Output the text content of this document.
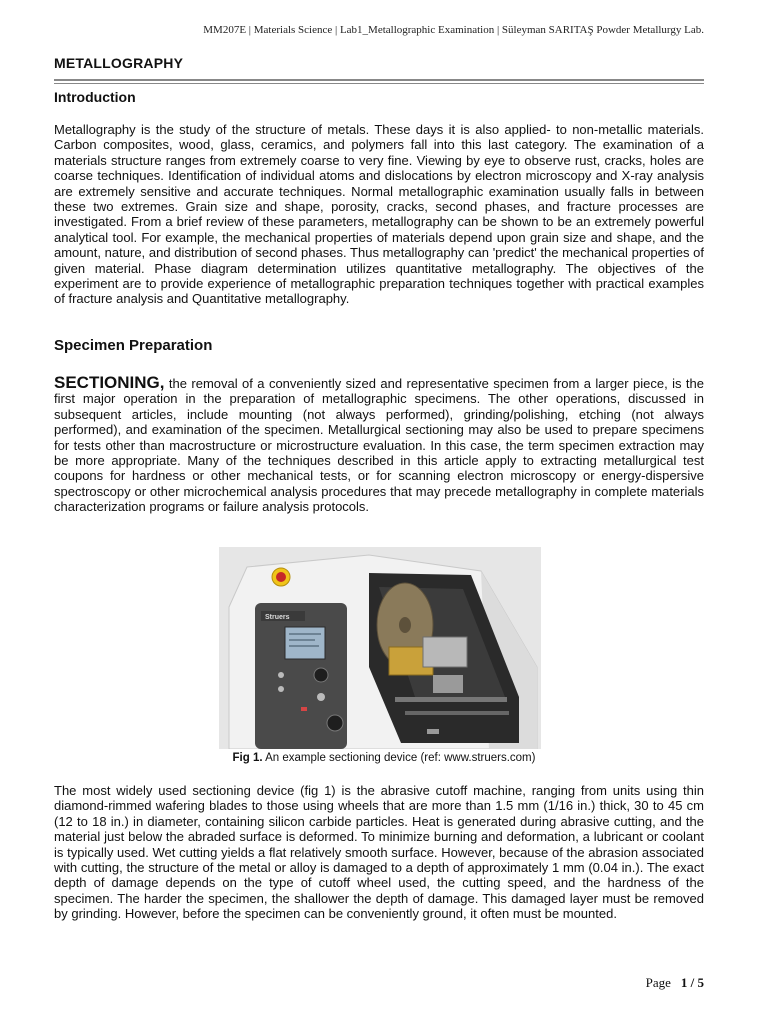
MM207E | Materials Science | Lab1_Metallographic Examination | Süleyman SARITAŞ Powder Metallurgy Lab.
METALLOGRAPHY
Introduction

Metallography is the study of the structure of metals. These days it is also applied- to non-metallic materials. Carbon composites, wood, glass, ceramics, and polymers fall into this last category. The examination of a materials structure ranges from extremely coarse to very fine. Viewing by eye to observe rust, cracks, holes are coarse techniques. Identification of individual atoms and dislocations by electron microscopy and X-ray analysis are extremely sensitive and accurate techniques. Normal metallographic examination usually falls in between these two extremes. Grain size and shape, porosity, cracks, second phases, and fracture processes are investigated. From a brief review of these parameters, metallography can be shown to be an extremely powerful analytical tool. For example, the mechanical properties of materials depend upon grain size and shape, and the amount, nature, and distribution of second phases. Thus metallography can 'predict' the mechanical properties of given material. Phase diagram determination utilizes quantitative metallography. The objectives of the experiment are to provide experience of metallographic preparation techniques together with practical examples of fracture analysis and Quantitative metallography.

Specimen Preparation

SECTIONING, the removal of a conveniently sized and representative specimen from a larger piece, is the first major operation in the preparation of metallographic specimens. The other operations, discussed in subsequent articles, include mounting (not always performed), grinding/polishing, etching (not always performed), and examination of the specimen. Metallurgical sectioning may also be used to prepare specimens for tests other than macrostructure or microstructure evaluation. In this case, the term specimen extraction may be more appropriate. Many of the techniques described in this article apply to extracting metallurgical test coupons for hardness or other mechanical tests, or for scanning electron microscopy or energy-dispersive spectroscopy or other microchemical analysis procedures that may precede metallography in complete materials characterization programs or failure analysis protocols.

Struers
Fig 1. An example sectioning device (ref: www.struers.com)

The most widely used sectioning device (fig 1) is the abrasive cutoff machine, ranging from units using thin diamond-rimmed wafering blades to those using wheels that are more than 1.5 mm (1/16 in.) thick, 30 to 45 cm (12 to 18 in.) in diameter, containing silicon carbide particles. Heat is generated during abrasive cutting, and the material just below the abraded surface is deformed. To minimize burning and deformation, a lubricant or coolant is typically used. Wet cutting yields a flat relatively smooth surface. However, because of the abrasion associated with cutting, the structure of the metal or alloy is damaged to a depth of approximately 1 mm (0.04 in.). The exact depth of damage depends on the type of cutoff wheel used, the cutting speed, and the hardness of the specimen. The harder the specimen, the shallower the depth of damage. This damaged layer must be removed by grinding. However, before the specimen can be conveniently ground, it often must be mounted.

Page 1 / 5
